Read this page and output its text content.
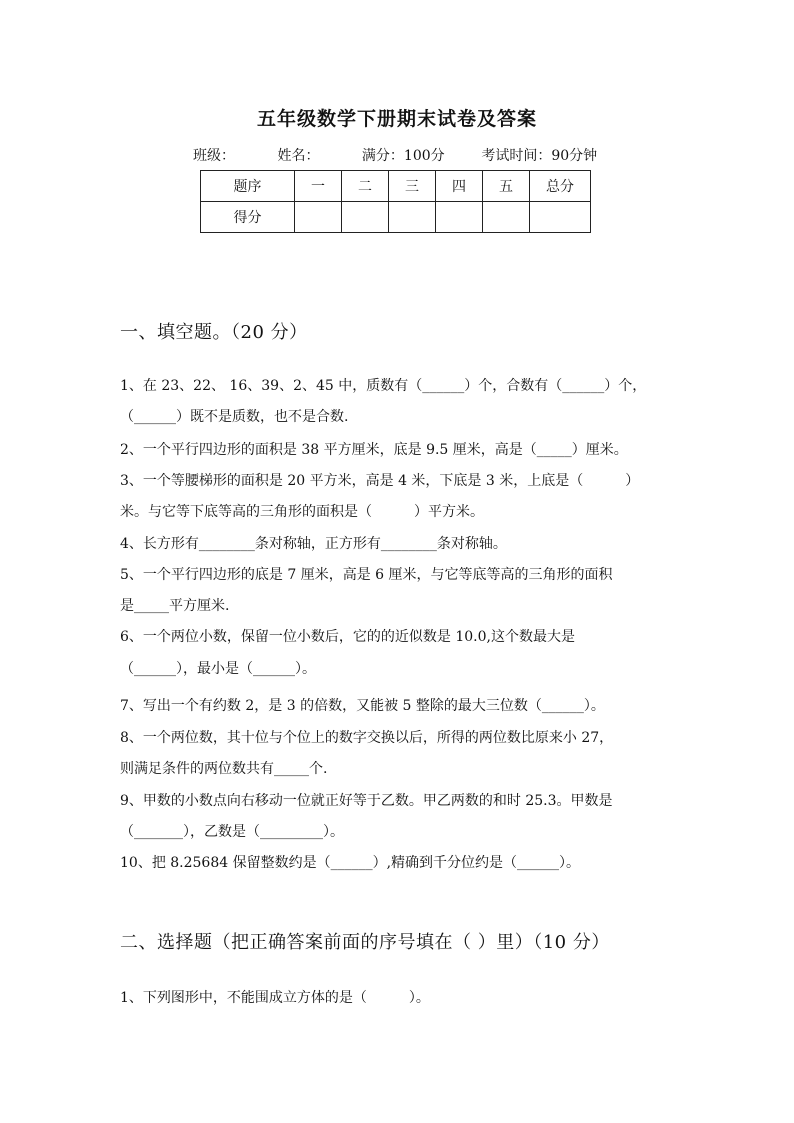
五年级数学下册期末试卷及答案
班级：	姓名：	满分：100分	考试时间：90分钟
题序	一	二	三	四	五	总分
得分						
一、填空题。（20 分）
1、在 23、22、 16、39、2、45 中，质数有（______）个，合数有（______）个，
（______）既不是质数，也不是合数.
2、一个平行四边形的面积是 38 平方厘米，底是 9.5 厘米，高是（_____）厘米。
3、一个等腰梯形的面积是 20 平方米，高是 4 米，下底是 3 米，上底是（　　　）
米。与它等下底等高的三角形的面积是（　　　）平方米。
4、长方形有________条对称轴，正方形有________条对称轴。
5、一个平行四边形的底是 7 厘米，高是 6 厘米，与它等底等高的三角形的面积
是_____平方厘米.
6、一个两位小数，保留一位小数后，它的的近似数是 10.0,这个数最大是
（______），最小是（______）。
7、写出一个有约数 2，是 3 的倍数，又能被 5 整除的最大三位数（______）。
8、一个两位数，其十位与个位上的数字交换以后，所得的两位数比原来小 27，
则满足条件的两位数共有_____个.
9、甲数的小数点向右移动一位就正好等于乙数。甲乙两数的和时 25.3。甲数是
（_______），乙数是（_________）。
10、把 8.25684 保留整数约是（______）,精确到千分位约是（______）。
二、选择题（把正确答案前面的序号填在（ ）里）（10 分）
1、下列图形中，不能围成立方体的是（　　　）。
